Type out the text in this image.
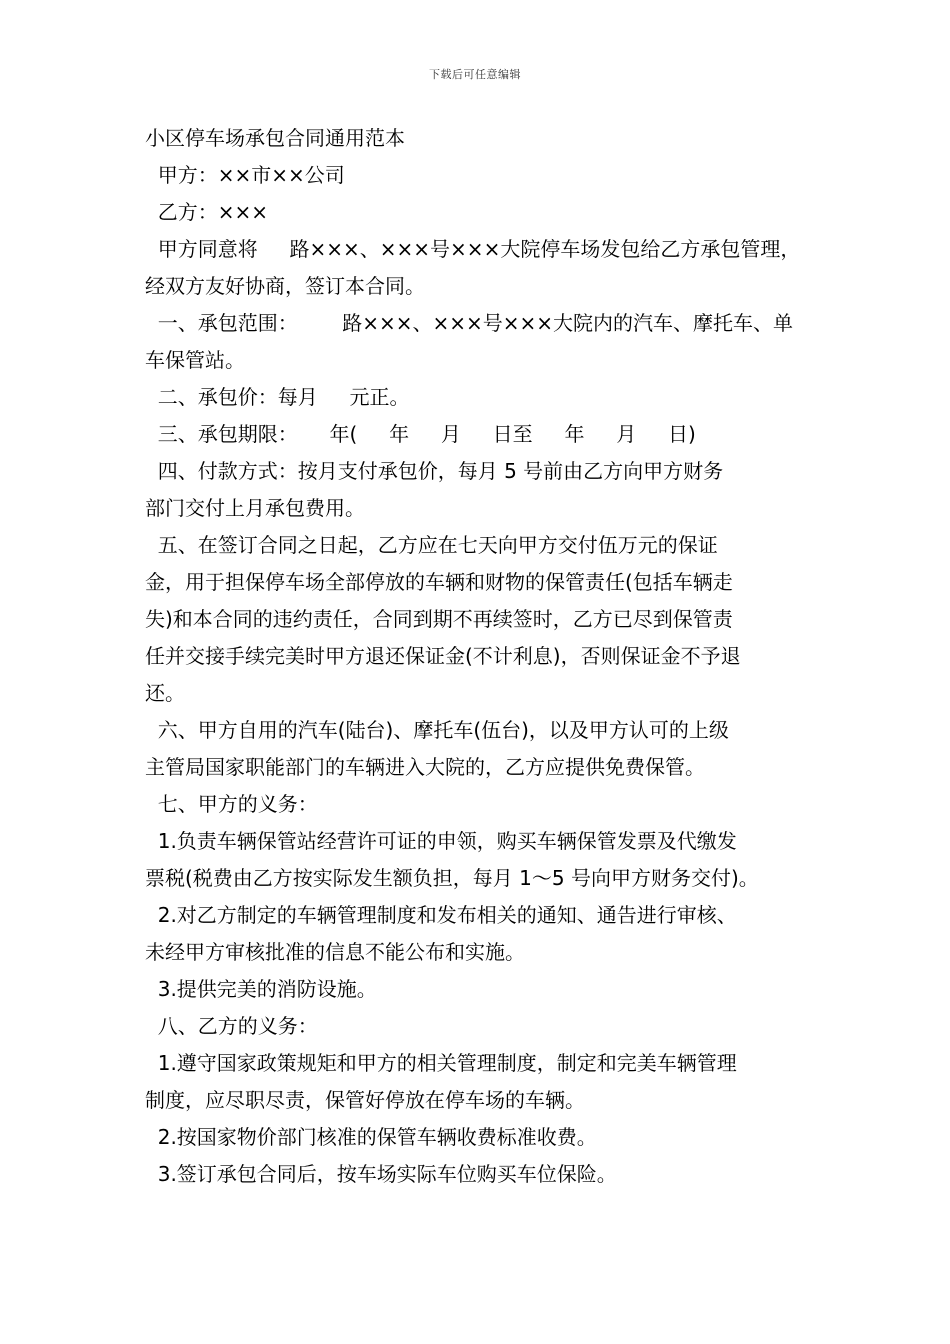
下载后可任意编辑
小区停车场承包合同通用范本
甲方：××市××公司
乙方：×××
甲方同意将     路×××、×××号×××大院停车场发包给乙方承包管理，
经双方友好协商，签订本合同。
一、承包范围：       路×××、×××号×××大院内的汽车、摩托车、单
车保管站。
二、承包价：每月     元正。
三、承包期限：     年(     年     月     日至     年     月     日)
四、付款方式：按月支付承包价，每月 5 号前由乙方向甲方财务
部门交付上月承包费用。
五、在签订合同之日起，乙方应在七天向甲方交付伍万元的保证
金，用于担保停车场全部停放的车辆和财物的保管责任(包括车辆走
失)和本合同的违约责任，合同到期不再续签时，乙方已尽到保管责
任并交接手续完美时甲方退还保证金(不计利息)，否则保证金不予退
还。
六、甲方自用的汽车(陆台)、摩托车(伍台)，以及甲方认可的上级
主管局国家职能部门的车辆进入大院的，乙方应提供免费保管。
七、甲方的义务：
1.负责车辆保管站经营许可证的申领，购买车辆保管发票及代缴发
票税(税费由乙方按实际发生额负担，每月 1～5 号向甲方财务交付)。
2.对乙方制定的车辆管理制度和发布相关的通知、通告进行审核、
未经甲方审核批准的信息不能公布和实施。
3.提供完美的消防设施。
八、乙方的义务：
1.遵守国家政策规矩和甲方的相关管理制度，制定和完美车辆管理
制度，应尽职尽责，保管好停放在停车场的车辆。
2.按国家物价部门核准的保管车辆收费标准收费。
3.签订承包合同后，按车场实际车位购买车位保险。
